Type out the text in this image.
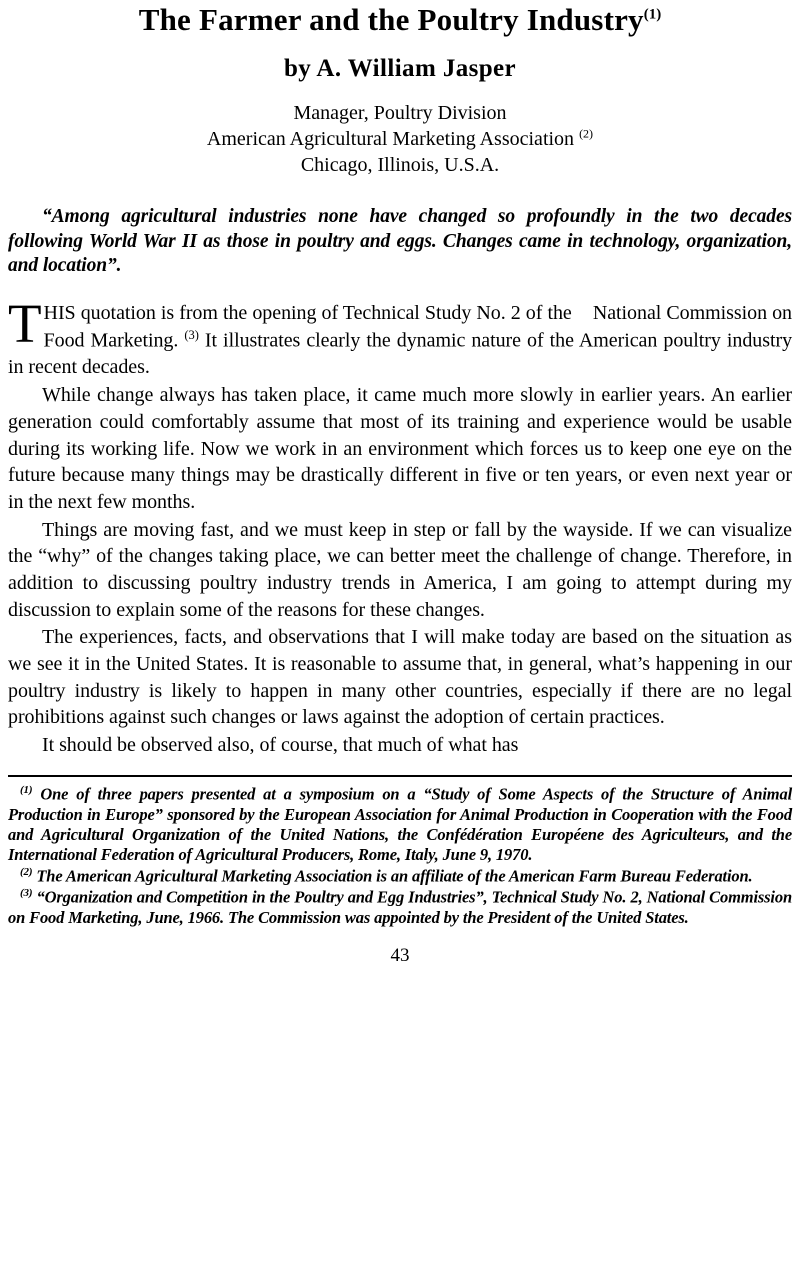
The Farmer and the Poultry Industry$^{(1)}$
by A. William Jasper
Manager, Poultry Division
American Agricultural Marketing Association $^{(2)}$
Chicago, Illinois, U.S.A.
“Among agricultural industries none have changed so profoundly in the two decades following World War II as those in poultry and eggs. Changes came in technology, organization, and location”.

THIS quotation is from the opening of Technical Study No. 2 of the National Commission on Food Marketing. $^{(3)}$ It illustrates clearly the dynamic nature of the American poultry industry in recent decades.

While change always has taken place, it came much more slowly in earlier years. An earlier generation could comfortably assume that most of its training and experience would be usable during its working life. Now we work in an environment which forces us to keep one eye on the future because many things may be drastically different in five or ten years, or even next year or in the next few months.

Things are moving fast, and we must keep in step or fall by the wayside. If we can visualize the “why” of the changes taking place, we can better meet the challenge of change. Therefore, in addition to discussing poultry industry trends in America, I am going to attempt during my discussion to explain some of the reasons for these changes.

The experiences, facts, and observations that I will make today are based on the situation as we see it in the United States. It is reasonable to assume that, in general, what’s happening in our poultry industry is likely to happen in many other countries, especially if there are no legal prohibitions against such changes or laws against the adoption of certain practices.

It should be observed also, of course, that much of what has

$^{(1)}$ One of three papers presented at a symposium on a “Study of Some Aspects of the Structure of Animal Production in Europe” sponsored by the European Association for Animal Production in Cooperation with the Food and Agricultural Organization of the United Nations, the Confédération Européene des Agriculteurs, and the International Federation of Agricultural Producers, Rome, Italy, June 9, 1970.

$^{(2)}$ The American Agricultural Marketing Association is an affiliate of the American Farm Bureau Federation.

$^{(3)}$ “Organization and Competition in the Poultry and Egg Industries”, Technical Study No. 2, National Commission on Food Marketing, June, 1966. The Commission was appointed by the President of the United States.

43
